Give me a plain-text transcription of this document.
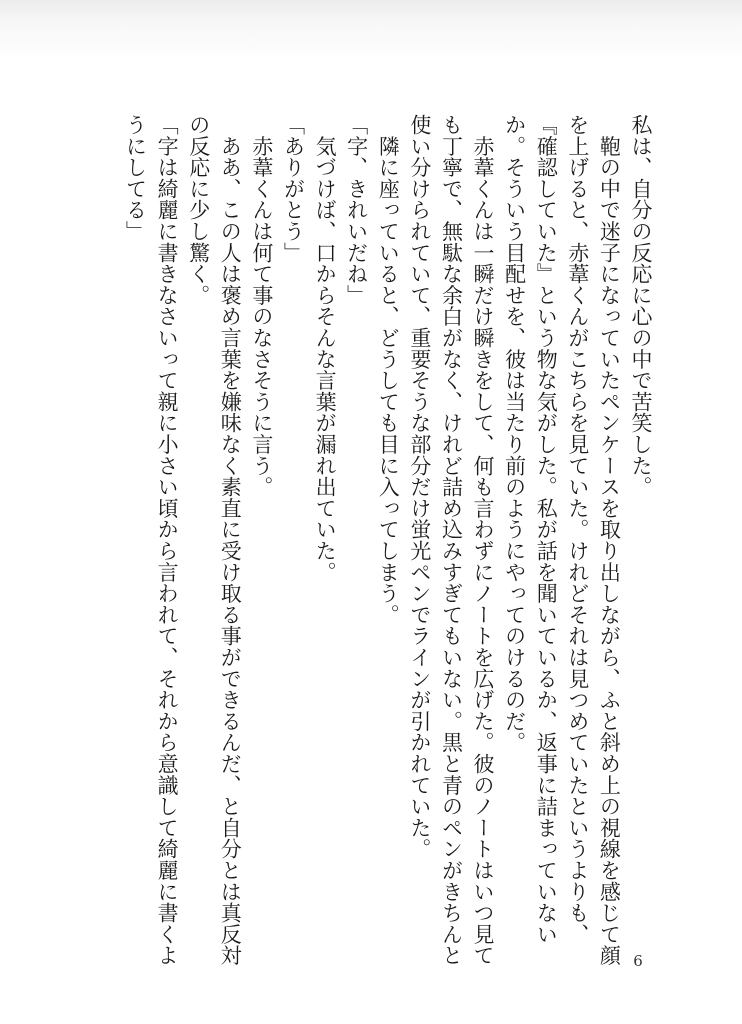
私は、自分の反応に心の中で苦笑した。

　鞄の中で迷子になっていたペンケースを取り出しながら、ふと斜め上の視線を感じて顔を上げると、赤葦くんがこちらを見ていた。けれどそれは見つめていたというよりも、『確認していた』という物な気がした。私が話を聞いているか、返事に詰まっていないか。そういう目配せを、彼は当たり前のようにやってのけるのだ。

　赤葦くんは一瞬だけ瞬きをして、何も言わずにノートを広げた。彼のノートはいつ見ても丁寧で、無駄な余白がなく、けれど詰め込みすぎてもいない。黒と青のペンがきちんと使い分けられていて、重要そうな部分だけ蛍光ペンでラインが引かれていた。

　隣に座っていると、どうしても目に入ってしまう。

「字、きれいだね」

　気づけば、口からそんな言葉が漏れ出ていた。

「ありがとう」

　赤葦くんは何て事のなさそうに言う。

　ああ、この人は褒め言葉を嫌味なく素直に受け取る事ができるんだ、と自分とは真反対の反応に少し驚く。

「字は綺麗に書きなさいって親に小さい頃から言われて、それから意識して綺麗に書くようにしてる」

6
